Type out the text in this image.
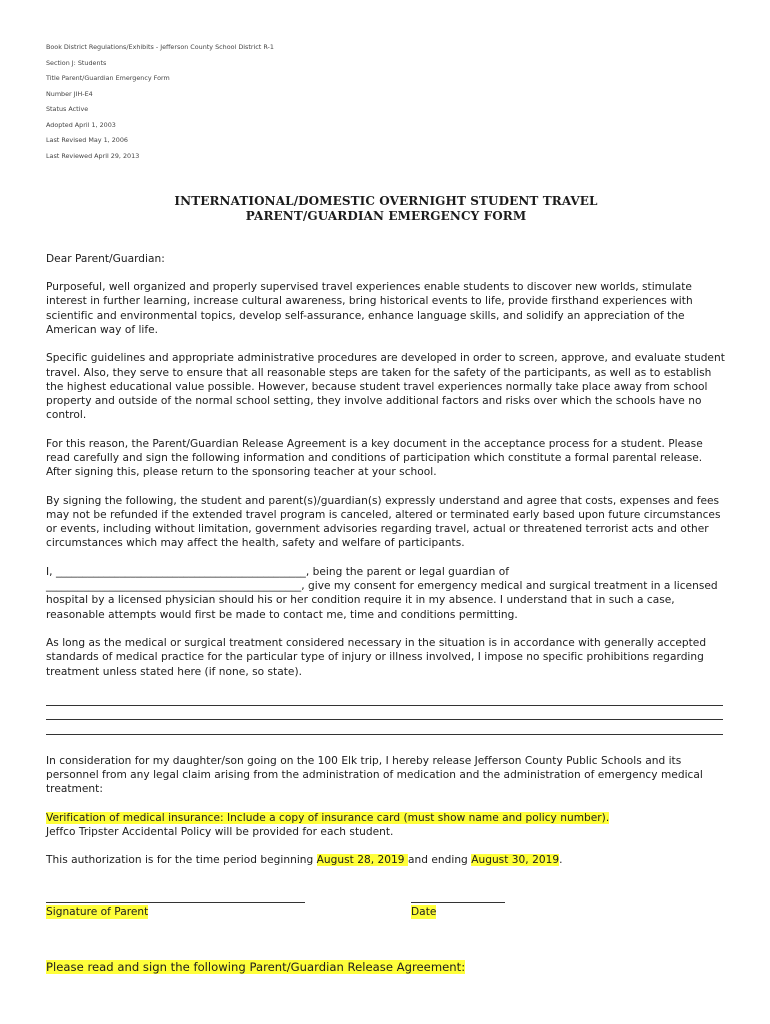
Book District Regulations/Exhibits - Jefferson County School District R-1

Section J: Students

Title Parent/Guardian Emergency Form

Number JIH-E4

Status Active

Adopted April 1, 2003

Last Revised May 1, 2006

Last Reviewed April 29, 2013

INTERNATIONAL/DOMESTIC OVERNIGHT STUDENT TRAVEL
PARENT/GUARDIAN EMERGENCY FORM

Dear Parent/Guardian:

Purposeful, well organized and properly supervised travel experiences enable students to discover new worlds, stimulate interest in further learning, increase cultural awareness, bring historical events to life, provide firsthand experiences with scientific and environmental topics, develop self-assurance, enhance language skills, and solidify an appreciation of the American way of life.

Specific guidelines and appropriate administrative procedures are developed in order to screen, approve, and evaluate student travel. Also, they serve to ensure that all reasonable steps are taken for the safety of the participants, as well as to establish the highest educational value possible. However, because student travel experiences normally take place away from school property and outside of the normal school setting, they involve additional factors and risks over which the schools have no control.

For this reason, the Parent/Guardian Release Agreement is a key document in the acceptance process for a student. Please read carefully and sign the following information and conditions of participation which constitute a formal parental release. After signing this, please return to the sponsoring teacher at your school.

By signing the following, the student and parent(s)/guardian(s) expressly understand and agree that costs, expenses and fees may not be refunded if the extended travel program is canceled, altered or terminated early based upon future circumstances or events, including without limitation, government advisories regarding travel, actual or threatened terrorist acts and other circumstances which may affect the health, safety and welfare of participants.

I, _______________________________________________, being the parent or legal guardian of
________________________________________________, give my consent for emergency medical and surgical treatment in a licensed hospital by a licensed physician should his or her condition require it in my absence. I understand that in such a case, reasonable attempts would first be made to contact me, time and conditions permitting.

As long as the medical or surgical treatment considered necessary in the situation is in accordance with generally accepted standards of medical practice for the particular type of injury or illness involved, I impose no specific prohibitions regarding treatment unless stated here (if none, so state).

In consideration for my daughter/son going on the 100 Elk trip, I hereby release Jefferson County Public Schools and its personnel from any legal claim arising from the administration of medication and the administration of emergency medical treatment:

Verification of medical insurance: Include a copy of insurance card (must show name and policy number).
Jeffco Tripster Accidental Policy will be provided for each student.

This authorization is for the time period beginning August 28, 2019 and ending August 30, 2019.

Signature of Parent	Date
Please read and sign the following Parent/Guardian Release Agreement:
